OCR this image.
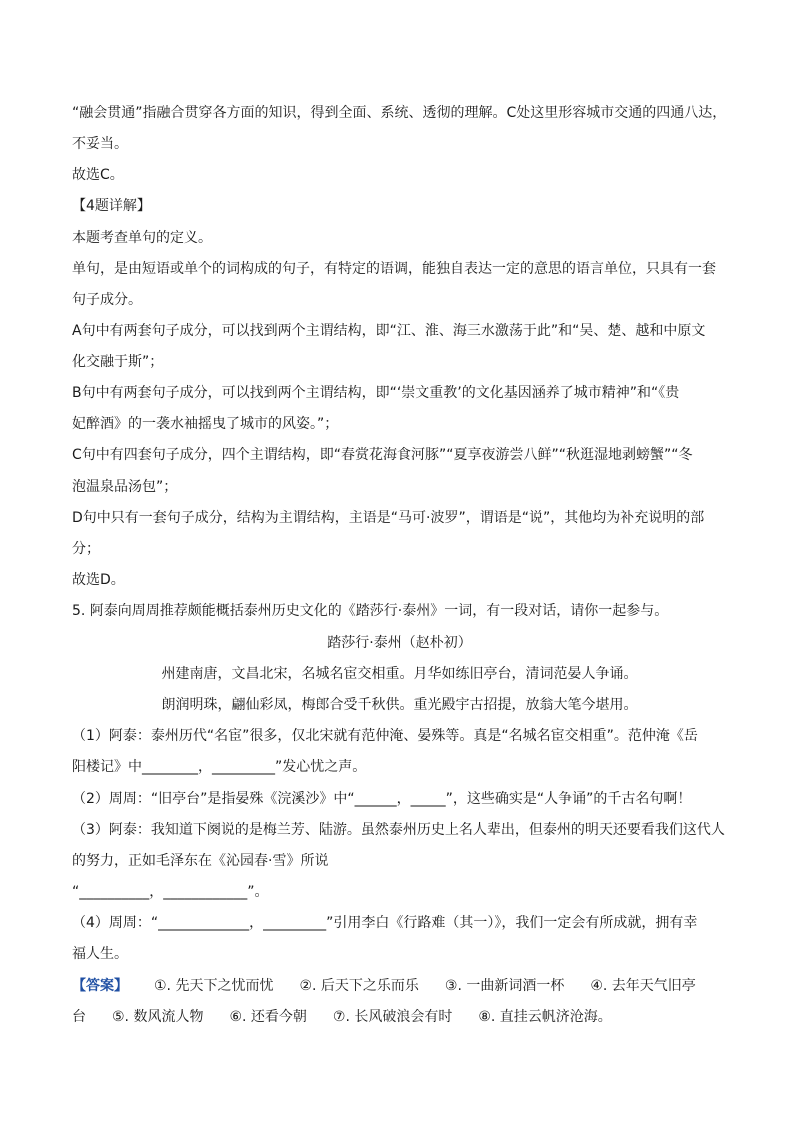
“融会贯通”指融合贯穿各方面的知识，得到全面、系统、透彻的理解。C处这里形容城市交通的四通八达，
不妥当。
故选C。
【4题详解】
本题考查单句的定义。
单句，是由短语或单个的词构成的句子，有特定的语调，能独自表达一定的意思的语言单位，只具有一套
句子成分。
A句中有两套句子成分，可以找到两个主谓结构，即“江、淮、海三水激荡于此”和“吴、楚、越和中原文
化交融于斯”；
B句中有两套句子成分，可以找到两个主谓结构，即“‘崇文重教’的文化基因涵养了城市精神”和“《贵
妃醉酒》的一袭水袖摇曳了城市的风姿。”；
C句中有四套句子成分，四个主谓结构，即“春赏花海食河豚”“夏享夜游尝八鲜”“秋逛湿地剥螃蟹”“冬
泡温泉品汤包”；
D句中只有一套句子成分，结构为主谓结构，主语是“马可·波罗”，谓语是“说”，其他均为补充说明的部
分；
故选D。
5. 阿泰向周周推荐颇能概括泰州历史文化的《踏莎行·泰州》一词，有一段对话，请你一起参与。
踏莎行·泰州（赵朴初）
州建南唐，文昌北宋，名城名宦交相重。月华如练旧亭台，清词范晏人争诵。
朗润明珠，翩仙彩凤，梅郎合受千秋供。重光殿宇古招提，放翁大笔今堪用。
（1）阿泰：泰州历代“名宦”很多，仅北宋就有范仲淹、晏殊等。真是“名城名宦交相重”。范仲淹《岳
阳楼记》中________，_________”发心忧之声。
（2）周周：“旧亭台”是指晏殊《浣溪沙》中“______，_____”，这些确实是“人争诵”的千古名句啊！
（3）阿泰：我知道下阕说的是梅兰芳、陆游。虽然泰州历史上名人辈出，但泰州的明天还要看我们这代人
的努力，正如毛泽东在《沁园春·雪》所说
“__________，____________”。
（4）周周：“_____________，_________”引用李白《行路难（其一）》，我们一定会有所成就，拥有幸
福人生。
【答案】 ①. 先天下之忧而忧 ②. 后天下之乐而乐 ③. 一曲新词酒一杯 ④. 去年天气旧亭
台 ⑤. 数风流人物 ⑥. 还看今朝 ⑦. 长风破浪会有时 ⑧. 直挂云帆济沧海。
